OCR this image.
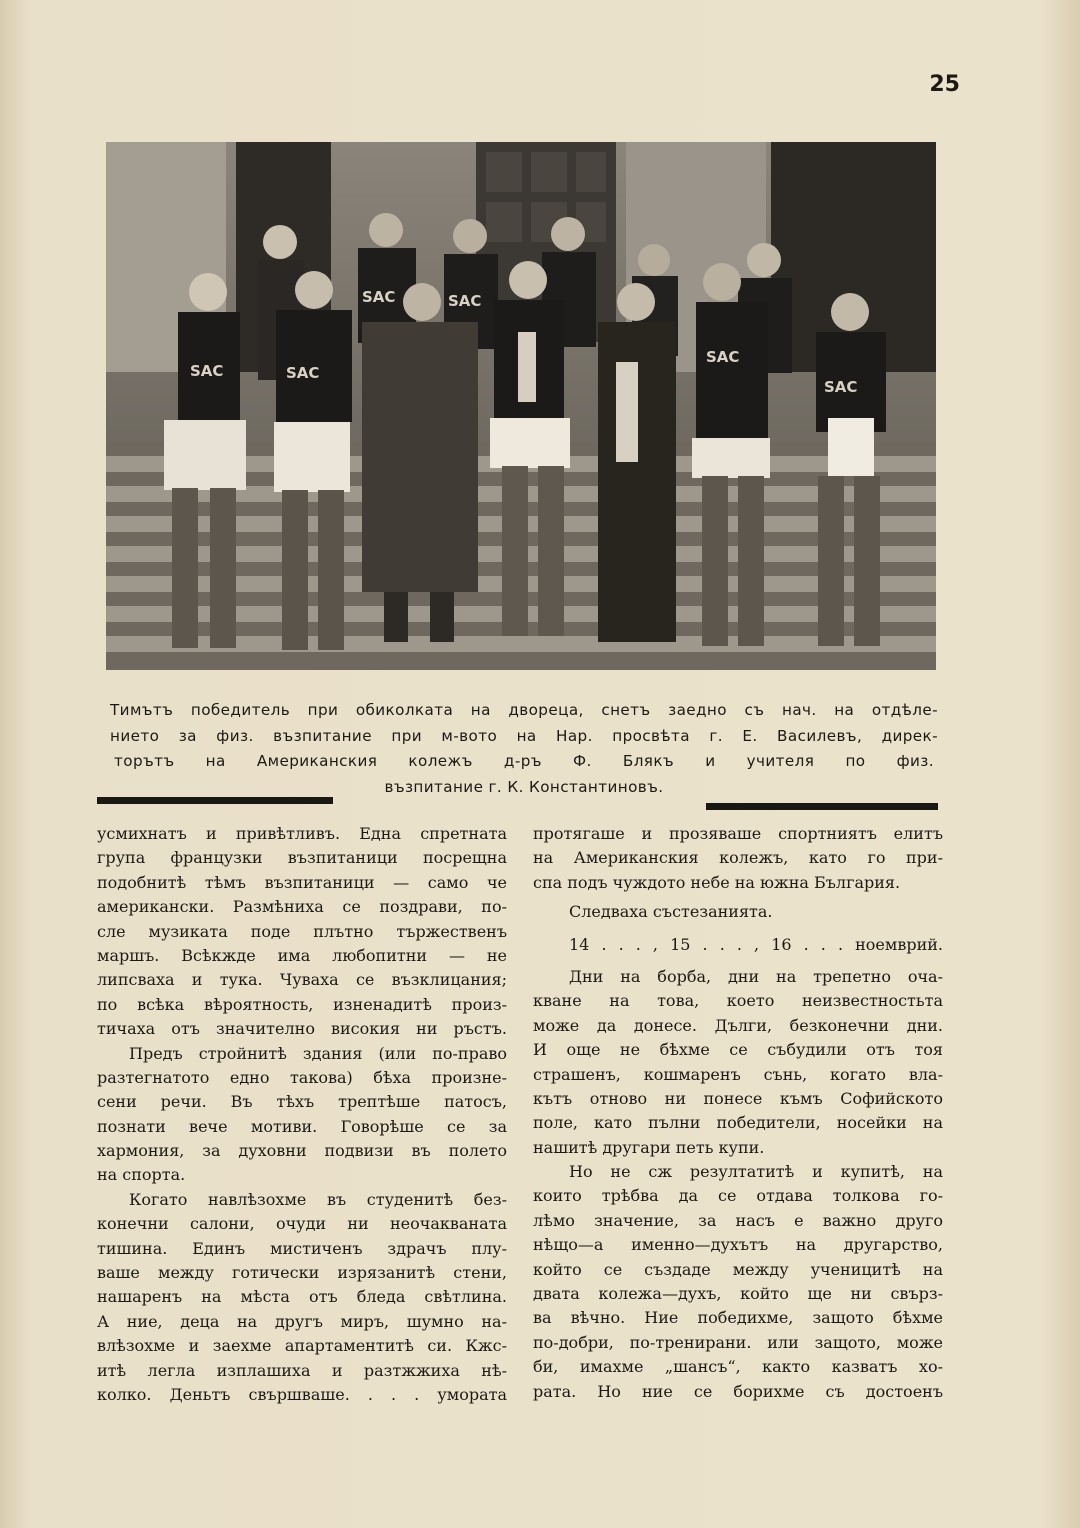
25
SAC	SAC
SAC	SAC
SAC
SAC
Тимътъ победитель при обиколката на двореца, снетъ заедно съ нач. на отдѣле-
нието за физ. възпитание при м-вото на Нар. просвѣта г. Е. Василевъ, дирек-
торътъ на Американския колежъ д-ръ Ф. Блякъ и учителя по физ.
възпитание г. К. Константиновъ.
усмихнатъ и привѣтливъ. Една спретната
група французки възпитаници посрещна
подобнитѣ тѣмъ възпитаници — само че
американски. Размѣниха се поздрави, по-
сле музиката поде плътно тържественъ
маршъ. Всѣкжде има любопитни — не
липсваха и тука. Чуваха се възклицания;
по всѣка вѣроятность, изненадитѣ произ-
тичаха отъ значително високия ни ръстъ.
Предъ стройнитѣ здания (или по-право
разтегнатото едно такова) бѣха произне-
сени речи. Въ тѣхъ трептѣше патосъ,
познати вече мотиви. Говорѣше се за
хармония, за духовни подвизи въ полето
на спорта.
Когато навлѣзохме въ студенитѣ без-
конечни салони, очуди ни неочакваната
тишина. Единъ мистиченъ здрачъ плу-
ваше между готически изрязанитѣ стени,
нашаренъ на мѣста отъ бледа свѣтлина.
А ние, деца на другъ миръ, шумно на-
влѣзохме и заехме апартаментитѣ си. Кжс-
итѣ легла изплашиха и разтжжиха нѣ-
колко. Деньтъ свършваше. . . . умората
протягаше и прозяваше спортниятъ елитъ
на Американския колежъ, като го при-
спа подъ чуждото небе на южна България.
Следваха състезанията.
14 . . . , 15 . . . , 16 . . . ноемврий.
Дни на борба, дни на трепетно оча-
кване на това, което неизвестностьта
може да донесе. Дълги, безконечни дни.
И още не бѣхме се събудили отъ тоя
страшенъ, кошмаренъ сънь, когато вла-
кътъ отново ни понесе къмъ Софийското
поле, като пълни победители, носейки на
нашитѣ другари петь купи.
Но не сж резултатитѣ и купитѣ, на
които трѣбва да се отдава толкова го-
лѣмо значение, за насъ е важно друго
нѣщо—а именно—духътъ на другарство,
който се създаде между ученицитѣ на
двата колежа—духъ, който ще ни свърз-
ва вѣчно. Ние победихме, защото бѣхме
по-добри, по-тренирани. или защото, може
би, имахме „шансъ“, както казватъ хо-
рата. Но ние се борихме съ достоенъ
